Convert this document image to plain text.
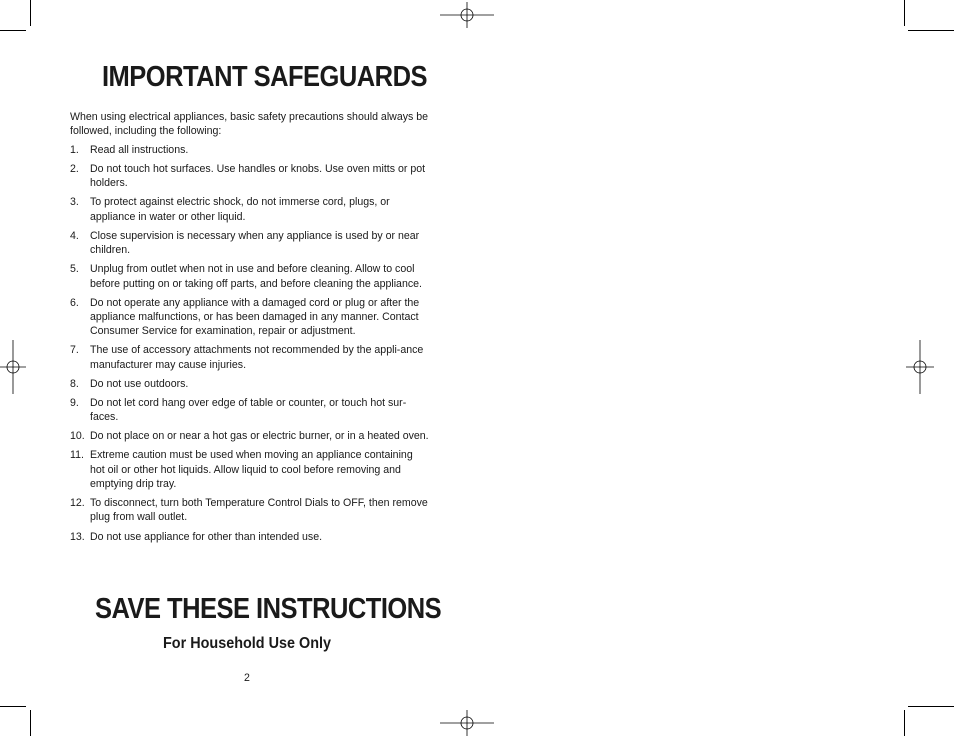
IMPORTANT SAFEGUARDS

When using electrical appliances, basic safety precautions should always be followed, including the following:

1. Read all instructions.
2. Do not touch hot surfaces. Use handles or knobs. Use oven mitts or pot holders.
3. To protect against electric shock, do not immerse cord, plugs, or appliance in water or other liquid.
4. Close supervision is necessary when any appliance is used by or near children.
5. Unplug from outlet when not in use and before cleaning. Allow to cool before putting on or taking off parts, and before cleaning the appliance.
6. Do not operate any appliance with a damaged cord or plug or after the appliance malfunctions, or has been damaged in any manner. Contact Consumer Service for examination, repair or adjustment.
7. The use of accessory attachments not recommended by the appli-ance manufacturer may cause injuries.
8. Do not use outdoors.
9. Do not let cord hang over edge of table or counter, or touch hot sur-faces.
10. Do not place on or near a hot gas or electric burner, or in a heated oven.
11. Extreme caution must be used when moving an appliance containing hot oil or other hot liquids. Allow liquid to cool before removing and emptying drip tray.
12. To disconnect, turn both Temperature Control Dials to OFF, then remove plug from wall outlet.
13. Do not use appliance for other than intended use.
SAVE THESE INSTRUCTIONS
For Household Use Only
2
